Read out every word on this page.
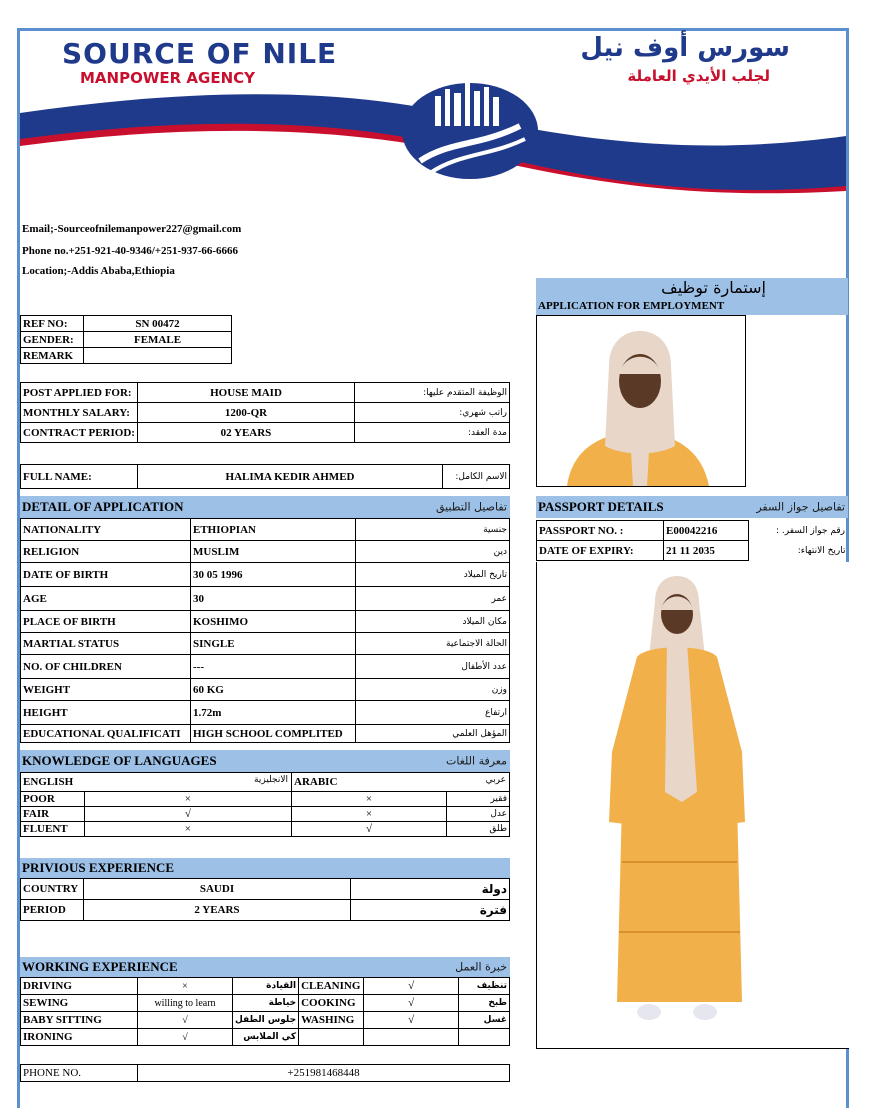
SOURCE OF NILE
MANPOWER AGENCY
سورس أوف نيل
لجلب الأيدي العاملة
Email;-Sourceofnilemanpower227@gmail.com
Phone no.+251-921-40-9346/+251-937-66-6666
Location;-Addis Ababa,Ethiopia
إستمارة توظيف
APPLICATION FOR EMPLOYMENT
REF NO:	SN 00472
GENDER:	FEMALE
REMARK	
POST APPLIED FOR:	HOUSE MAID	الوظيفة المتقدم عليها:
MONTHLY SALARY:	1200-QR	راتب شهري:
CONTRACT PERIOD:	02 YEARS	مدة العقد:
FULL NAME:	HALIMA KEDIR AHMED	الاسم الكامل:
DETAIL OF APPLICATION	تفاصيل التطبيق
NATIONALITY	ETHIOPIAN	جنسية
RELIGION	MUSLIM	دين
DATE OF BIRTH	30 05 1996	تاريخ الميلاد
AGE	30	عمر
PLACE OF BIRTH	KOSHIMO	مكان الميلاد
MARTIAL STATUS	SINGLE	الحالة الاجتماعية
NO. OF CHILDREN	---	عدد الأطفال
WEIGHT	60 KG	وزن
HEIGHT	1.72m	ارتفاع
EDUCATIONAL QUALIFICATI	HIGH SCHOOL COMPLITED	المؤهل العلمي
KNOWLEDGE OF LANGUAGES	معرفة اللغات
ENGLISH الانجليزية		ARABIC عربي	

POOR	×	×	فقير
FAIR	√	×	عدل
FLUENT	×	√	طلق
PRIVIOUS EXPERIENCE
COUNTRY	SAUDI	دولة
PERIOD	2 YEARS	فترة
WORKING EXPERIENCE	خبرة العمل
DRIVING	×	القيادة	CLEANING	√	تنظيف
SEWING	willing to learn	خياطة	COOKING	√	طبخ
BABY SITTING	√	جلوس الطفل	WASHING	√	غسل
IRONING	√	كي الملابس			
PHONE NO.	+251981468448
PASSPORT DETAILS	تفاصيل جواز السفر
PASSPORT NO. :	E00042216	رقم جواز السفر. :
DATE OF EXPIRY:	21 11 2035	تاريخ الانتهاء:
